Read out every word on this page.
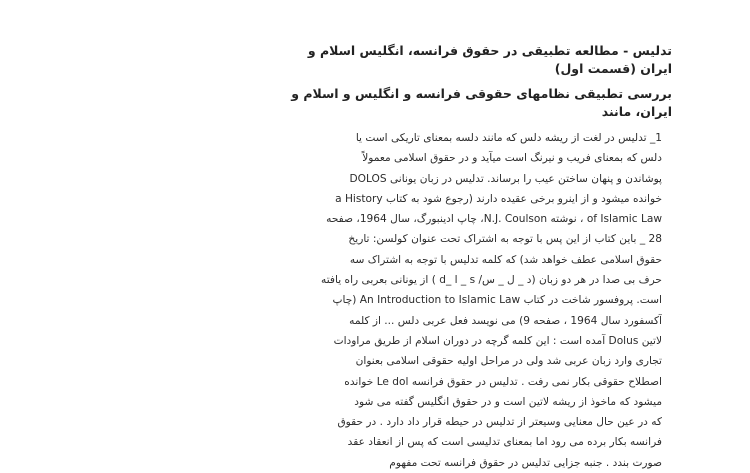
تدلیس - مطالعه تطبیقی در حقوق فرانسه، انگلیس اسلام و
ایران (قسمت اول)
بررسی تطبیقی نظامهای حقوقی فرانسه و انگلیس و اسلام و
ایران، مانند
1_ تدلیس در لغت از ریشه دلس که مانند دلسه بمعنای تاریکی است یا
دلس که بمعنای فریب و نیرنگ است میآید و در حقوق اسلامی معمولاً
پوشاندن و پنهان ساختن عیب را برساند. تدلیس در زبان یونانی DOLOS
خوانده میشود و از اینرو برخی عقیده دارند (رجوع شود به کتاب a History
of Islamic Law ، نوشته N.J. Coulson، چاپ ادینبورگ، سال 1964، صفحه
28 _ باین کتاب از این پس با توجه به اشتراک تحت عنوان کولسن: تاریخ
حقوق اسلامی عطف خواهد شد) که کلمه تدلیس با توجه به اشتراک سه
حرف بی صدا در هر دو زبان (د _ ل _ س/ d_ l _ s ) از یونانی بعربی راه یافته
است. پروفسور شاخت در کتاب An Introduction to Islamic Law (چاپ
آکسفورد سال 1964 ، صفحه 9) می نویسد فعل عربی دلس ... از کلمه
لاتین Dolus آمده است : این کلمه گرچه در دوران اسلام از طریق مراودات
تجاری وارد زبان عربی شد ولی در مراحل اولیه حقوقی اسلامی بعنوان
اصطلاح حقوقی بکار نمی رفت . تدلیس در حقوق فرانسه Le dol خوانده
میشود که ماخوذ از ریشه لاتین است و در حقوق انگلیس گفته می شود
که در عین حال معنایی وسیعتر از تدلیس در حیطه قرار داد دارد . در حقوق
فرانسه بکار برده می رود اما بمعنای تدلیسی است که پس از انعقاد عقد
صورت بندد . جنبه جزایی تدلیس در حقوق فرانسه تحت مفهوم
